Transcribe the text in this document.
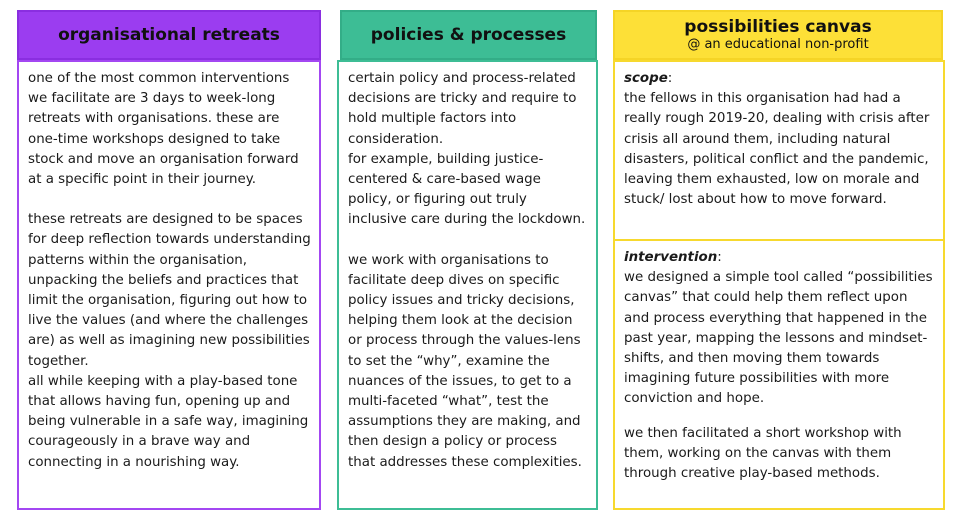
organisational retreats

one of the most common interventions we facilitate are 3 days to week-long retreats with organisations. these are one-time workshops designed to take stock and move an organisation forward at a specific point in their journey.

these retreats are designed to be spaces for deep reflection towards understanding patterns within the organisation, unpacking the beliefs and practices that limit the organisation, figuring out how to live the values (and where the challenges are) as well as imagining new possibilities together.

all while keeping with a play-based tone that allows having fun, opening up and being vulnerable in a safe way, imagining courageously in a brave way and connecting in a nourishing way.

policies & processes

certain policy and process-related decisions are tricky and require to hold multiple factors into consideration.

for example, building justice-centered & care-based wage policy, or figuring out truly inclusive care during the lockdown.

we work with organisations to facilitate deep dives on specific policy issues and tricky decisions, helping them look at the decision or process through the values-lens to set the “why”, examine the nuances of the issues, to get to a multi-faceted “what”, test the assumptions they are making, and then design a policy or process that addresses these complexities.

possibilities canvas
@ an educational non-profit

scope:

the fellows in this organisation had had a really rough 2019-20, dealing with crisis after crisis all around them, including natural disasters, political conflict and the pandemic, leaving them exhausted, low on morale and stuck/ lost about how to move forward.

intervention:

we designed a simple tool called “possibilities canvas” that could help them reflect upon and process everything that happened in the past year, mapping the lessons and mindset-shifts, and then moving them towards imagining future possibilities with more conviction and hope.

we then facilitated a short workshop with them, working on the canvas with them through creative play-based methods.
